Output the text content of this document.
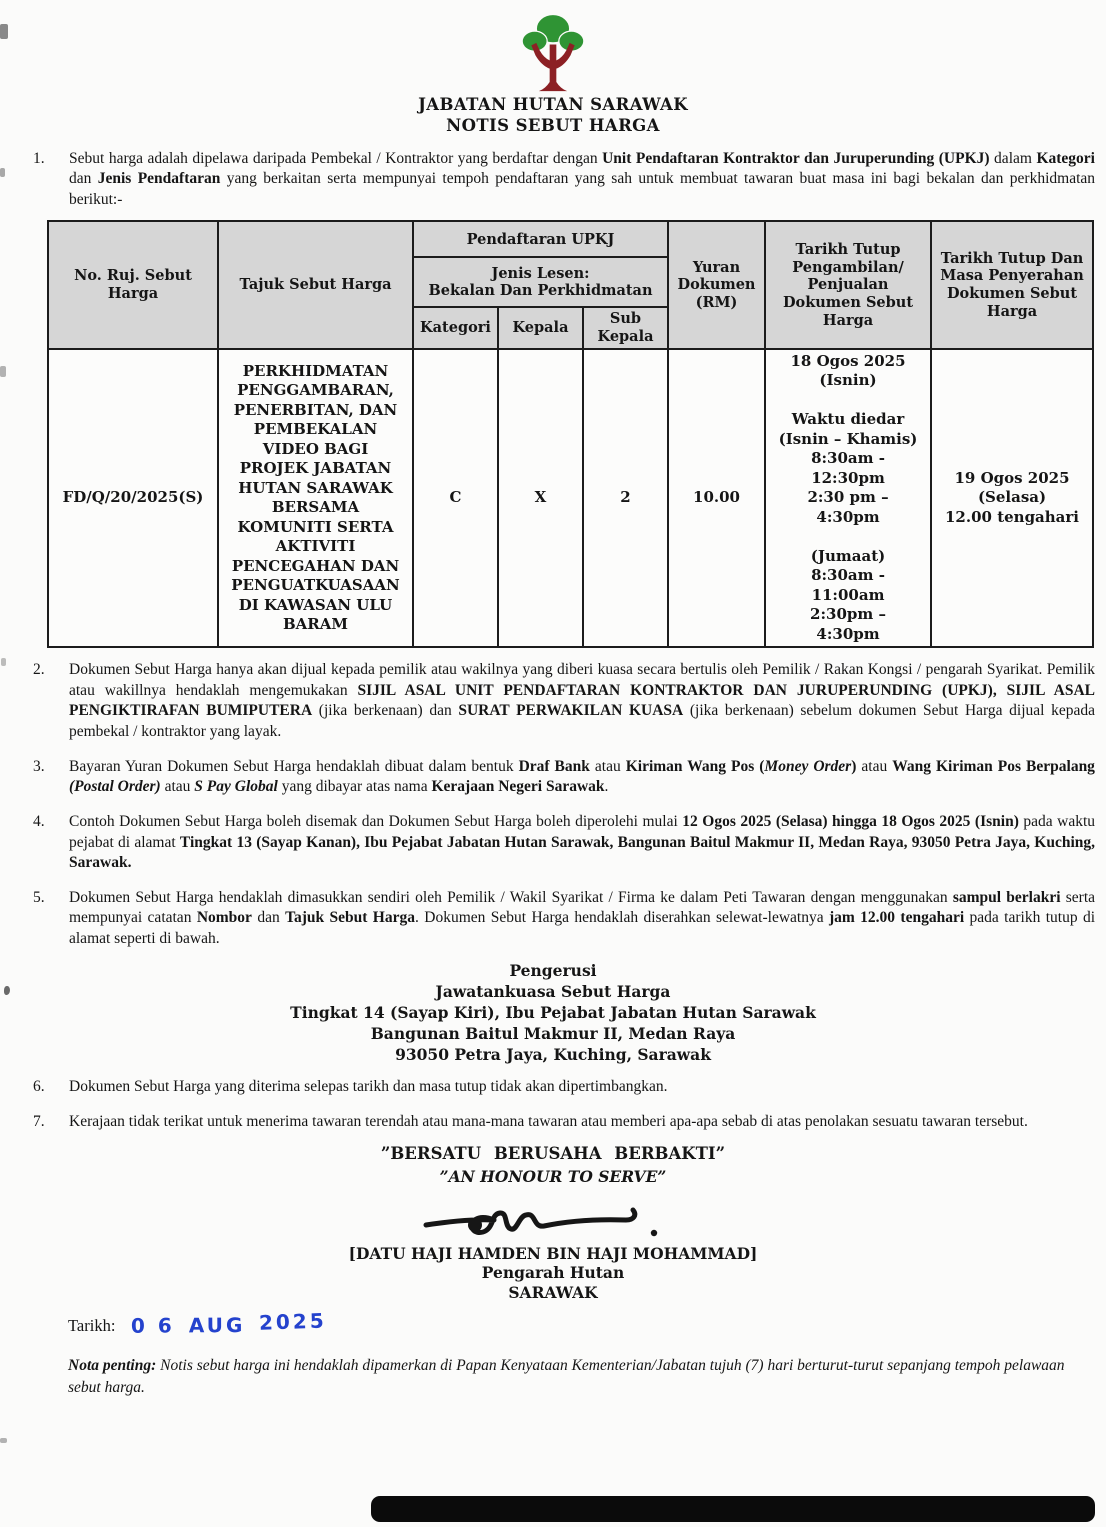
JABATAN HUTAN SARAWAK
NOTIS SEBUT HARGA
1.	Sebut harga adalah dipelawa daripada Pembekal / Kontraktor yang berdaftar dengan Unit Pendaftaran Kontraktor dan Juruperunding (UPKJ) dalam Kategori dan Jenis Pendaftaran yang berkaitan serta mempunyai tempoh pendaftaran yang sah untuk membuat tawaran buat masa ini bagi bekalan dan perkhidmatan berikut:-
No. Ruj. Sebut Harga	Tajuk Sebut Harga	Pendaftaran UPKJ			Yuran
Dokumen
(RM)	Tarikh Tutup Pengambilan/ Penjualan Dokumen Sebut Harga	Tarikh Tutup Dan Masa Penyerahan Dokumen Sebut Harga
		Jenis Lesen:
Bekalan Dan Perkhidmatan					
		Kategori	Kepala	Sub
Kepala			
FD/Q/20/2025(S)	PERKHIDMATAN
PENGGAMBARAN,
PENERBITAN, DAN
PEMBEKALAN
VIDEO BAGI
PROJEK JABATAN
HUTAN SARAWAK
BERSAMA
KOMUNITI SERTA
AKTIVITI
PENCEGAHAN DAN
PENGUATKUASAAN
DI KAWASAN ULU
BARAM	C	X	2	10.00	18 Ogos 2025
(Isnin)

Waktu diedar
(Isnin – Khamis)
8:30am -
12:30pm
2:30 pm –
4:30pm

(Jumaat)
8:30am -
11:00am
2:30pm –
4:30pm	19 Ogos 2025
(Selasa)
12.00 tengahari
2.	Dokumen Sebut Harga hanya akan dijual kepada pemilik atau wakilnya yang diberi kuasa secara bertulis oleh Pemilik / Rakan Kongsi / pengarah Syarikat. Pemilik atau wakillnya hendaklah mengemukakan SIJIL ASAL UNIT PENDAFTARAN KONTRAKTOR DAN JURUPERUNDING (UPKJ), SIJIL ASAL PENGIKTIRAFAN BUMIPUTERA (jika berkenaan) dan SURAT PERWAKILAN KUASA (jika berkenaan) sebelum dokumen Sebut Harga dijual kepada pembekal / kontraktor yang layak.
3.	Bayaran Yuran Dokumen Sebut Harga hendaklah dibuat dalam bentuk Draf Bank atau Kiriman Wang Pos (Money Order) atau Wang Kiriman Pos Berpalang (Postal Order) atau S Pay Global yang dibayar atas nama Kerajaan Negeri Sarawak.
4.	Contoh Dokumen Sebut Harga boleh disemak dan Dokumen Sebut Harga boleh diperolehi mulai 12 Ogos 2025 (Selasa) hingga 18 Ogos 2025 (Isnin) pada waktu pejabat di alamat Tingkat 13 (Sayap Kanan), Ibu Pejabat Jabatan Hutan Sarawak, Bangunan Baitul Makmur II, Medan Raya, 93050 Petra Jaya, Kuching, Sarawak.
5.	Dokumen Sebut Harga hendaklah dimasukkan sendiri oleh Pemilik / Wakil Syarikat / Firma ke dalam Peti Tawaran dengan menggunakan sampul berlakri serta mempunyai catatan Nombor dan Tajuk Sebut Harga. Dokumen Sebut Harga hendaklah diserahkan selewat-lewatnya jam 12.00 tengahari pada tarikh tutup di alamat seperti di bawah.
Pengerusi
Jawatankuasa Sebut Harga
Tingkat 14 (Sayap Kiri), Ibu Pejabat Jabatan Hutan Sarawak
Bangunan Baitul Makmur II, Medan Raya
93050 Petra Jaya, Kuching, Sarawak
6.	Dokumen Sebut Harga yang diterima selepas tarikh dan masa tutup tidak akan dipertimbangkan.
7.	Kerajaan tidak terikat untuk menerima tawaran terendah atau mana-mana tawaran atau memberi apa-apa sebab di atas penolakan sesuatu tawaran tersebut.
”BERSATU BERUSAHA BERBAKTI”
”AN HONOUR TO SERVE”
[DATU HAJI HAMDEN BIN HAJI MOHAMMAD]
Pengarah Hutan
SARAWAK
Tarikh: 0 6 AUG 2025
Nota penting: Notis sebut harga ini hendaklah dipamerkan di Papan Kenyataan Kementerian/Jabatan tujuh (7) hari berturut-turut sepanjang tempoh pelawaan sebut harga.
